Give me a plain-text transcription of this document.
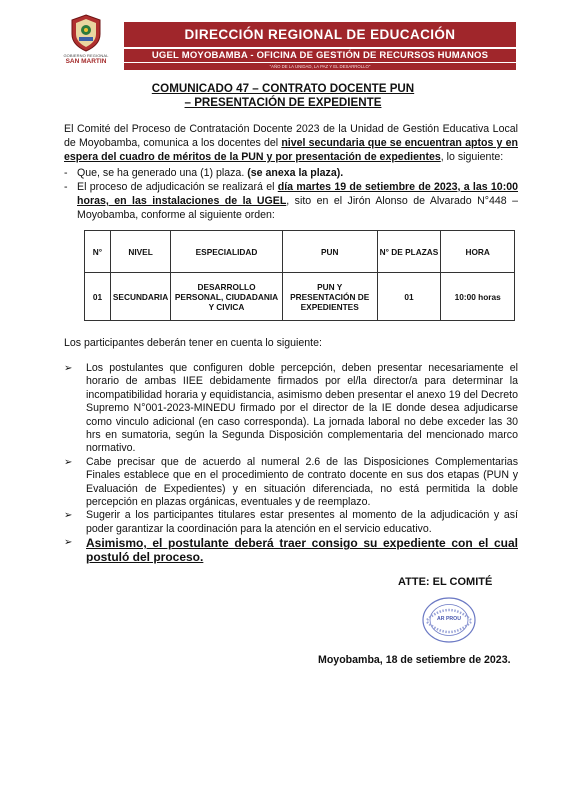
GOBIERNO REGIONAL
SAN MARTIN
DIRECCIÓN REGIONAL DE EDUCACIÓN
UGEL MOYOBAMBA - OFICINA DE GESTIÓN DE RECURSOS HUMANOS
"AÑO DE LA UNIDAD, LA PAZ Y EL DESARROLLO"
COMUNICADO 47 – CONTRATO DOCENTE PUN
– PRESENTACIÓN DE EXPEDIENTE
El Comité del Proceso de Contratación Docente 2023 de la Unidad de Gestión Educativa Local de Moyobamba, comunica a los docentes del nivel secundaria que se encuentran aptos y en espera del cuadro de méritos de la PUN y por presentación de expedientes, lo siguiente:
- Que, se ha generado una (1) plaza. (se anexa la plaza).
- El proceso de adjudicación se realizará el día martes 19 de setiembre de 2023, a las 10:00 horas, en las instalaciones de la UGEL, sito en el Jirón Alonso de Alvarado N°448 – Moyobamba, conforme al siguiente orden:
N°	NIVEL	ESPECIALIDAD	PUN	N° DE PLAZAS	HORA
01	SECUNDARIA	DESARROLLO PERSONAL, CIUDADANIA Y CIVICA	PUN Y PRESENTACIÓN DE EXPEDIENTES	01	10:00 horas
Los participantes deberán tener en cuenta lo siguiente:
➢	Los postulantes que configuren doble percepción, deben presentar necesariamente el horario de ambas IIEE debidamente firmados por el/la director/a para determinar la incompatibilidad horaria y equidistancia, asimismo deben presentar el anexo 19 del Decreto Supremo N°001-2023-MINEDU firmado por el director de la IE donde desea adjudicarse como vinculo adicional (en caso corresponda). La jornada laboral no debe exceder las 30 hrs en sumatoria, según la Segunda Disposición complementaria del mencionado marco normativo.
➢	Cabe precisar que de acuerdo al numeral 2.6 de las Disposiciones Complementarias Finales establece que en el procedimiento de contrato docente en sus dos etapas (PUN y Evaluación de Expedientes) y en situación diferenciada, no está permitida la doble percepción en plazas orgánicas, eventuales y de reemplazo.
➢	Sugerir a los participantes titulares estar presentes al momento de la adjudicación y así poder garantizar la coordinación para la atención en el servicio educativo.
➢	Asimismo, el postulante deberá traer consigo su expediente con el cual postuló del proceso.
ATTE: EL COMITÉ
AR PROU
Moyobamba, 18 de setiembre de 2023.
